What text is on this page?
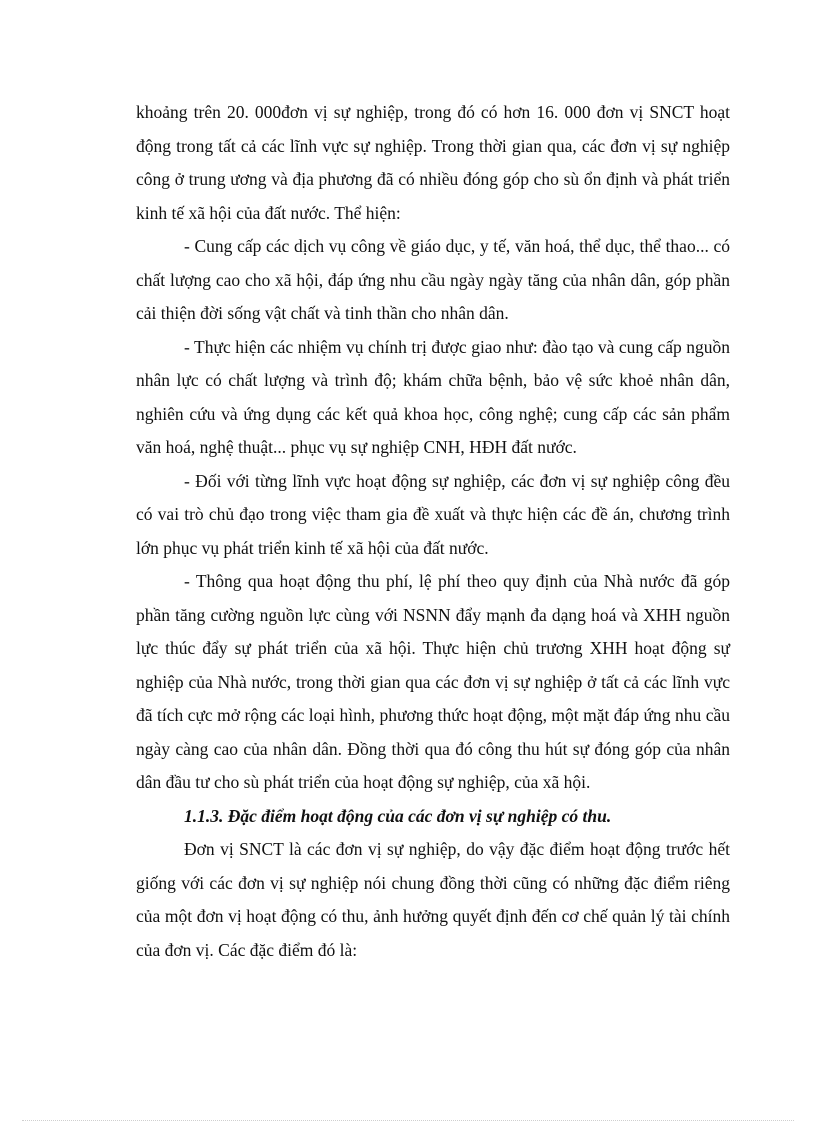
khoảng trên 20. 000đơn vị sự nghiệp, trong đó có hơn 16. 000 đơn vị SNCT hoạt động trong tất cả các lĩnh vực sự nghiệp. Trong thời gian qua, các đơn vị sự nghiệp công ở trung ương và địa phương đã có nhiều đóng góp cho sù ổn định và phát triển kinh tế xã hội của đất nước. Thể hiện:

- Cung cấp các dịch vụ công về giáo dục, y tế, văn hoá, thể dục, thể thao... có chất lượng cao cho xã hội, đáp ứng nhu cầu ngày ngày tăng của nhân dân, góp phần cải thiện đời sống vật chất và tinh thần cho nhân dân.

- Thực hiện các nhiệm vụ chính trị được giao như: đào tạo và cung cấp nguồn nhân lực có chất lượng và trình độ; khám chữa bệnh, bảo vệ sức khoẻ nhân dân, nghiên cứu và ứng dụng các kết quả khoa học, công nghệ; cung cấp các sản phẩm văn hoá, nghệ thuật... phục vụ sự nghiệp CNH, HĐH đất nước.

- Đối với từng lĩnh vực hoạt động sự nghiệp, các đơn vị sự nghiệp công đều có vai trò chủ đạo trong việc tham gia đề xuất và thực hiện các đề án, chương trình lớn phục vụ phát triển kinh tế xã hội của đất nước.

- Thông qua hoạt động thu phí, lệ phí theo quy định của Nhà nước đã góp phần tăng cường nguồn lực cùng với NSNN đẩy mạnh đa dạng hoá và XHH nguồn lực thúc đẩy sự phát triển của xã hội. Thực hiện chủ trương XHH hoạt động sự nghiệp của Nhà nước, trong thời gian qua các đơn vị sự nghiệp ở tất cả các lĩnh vực đã tích cực mở rộng các loại hình, phương thức hoạt động, một mặt đáp ứng nhu cầu ngày càng cao của nhân dân. Đồng thời qua đó công thu hút sự đóng góp của nhân dân đầu tư cho sù phát triển của hoạt động sự nghiệp, của xã hội.

1.1.3. Đặc điểm hoạt động của các đơn vị sự nghiệp có thu.

Đơn vị SNCT là các đơn vị sự nghiệp, do vậy đặc điểm hoạt động trước hết giống với các đơn vị sự nghiệp nói chung đồng thời cũng có những đặc điểm riêng của một đơn vị hoạt động có thu, ảnh hưởng quyết định đến cơ chế quản lý tài chính của đơn vị. Các đặc điểm đó là:
